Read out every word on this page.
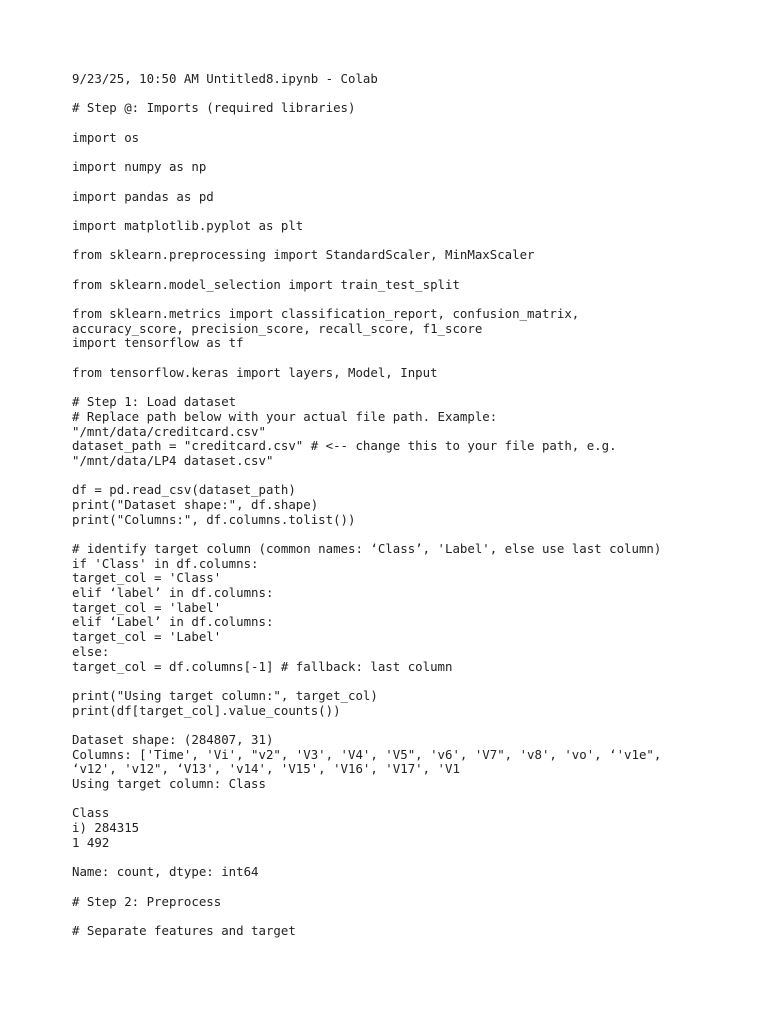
9/23/25, 10:50 AM Untitled8.ipynb - Colab
# Step @: Imports (required libraries)
import os
import numpy as np
import pandas as pd
import matplotlib.pyplot as plt
from sklearn.preprocessing import StandardScaler, MinMaxScaler
from sklearn.model_selection import train_test_split
from sklearn.metrics import classification_report, confusion_matrix,
accuracy_score, precision_score, recall_score, f1_score
import tensorflow as tf
from tensorflow.keras import layers, Model, Input
# Step 1: Load dataset
# Replace path below with your actual file path. Example:
"/mnt/data/creditcard.csv"
dataset_path = "creditcard.csv" # <-- change this to your file path, e.g.
"/mnt/data/LP4 dataset.csv"
df = pd.read_csv(dataset_path)
print("Dataset shape:", df.shape)
print("Columns:", df.columns.tolist())
# identify target column (common names: ‘Class’, 'Label', else use last column)
if 'Class' in df.columns:
target_col = 'Class'
elif ‘label’ in df.columns:
target_col = 'label'
elif ‘Label’ in df.columns:
target_col = 'Label'
else:
target_col = df.columns[-1] # fallback: last column
print("Using target column:", target_col)
print(df[target_col].value_counts())
Dataset shape: (284807, 31)
Columns: ['Time', 'Vi', "v2", 'V3', 'V4', 'V5", 'v6', 'V7", 'v8', 'vo', ‘'v1e",
‘v12', 'v12", ‘V13', 'v14', 'V15', 'V16', 'V17', 'V1
Using target column: Class
Class
i) 284315
1 492
Name: count, dtype: int64
# Step 2: Preprocess
# Separate features and target
